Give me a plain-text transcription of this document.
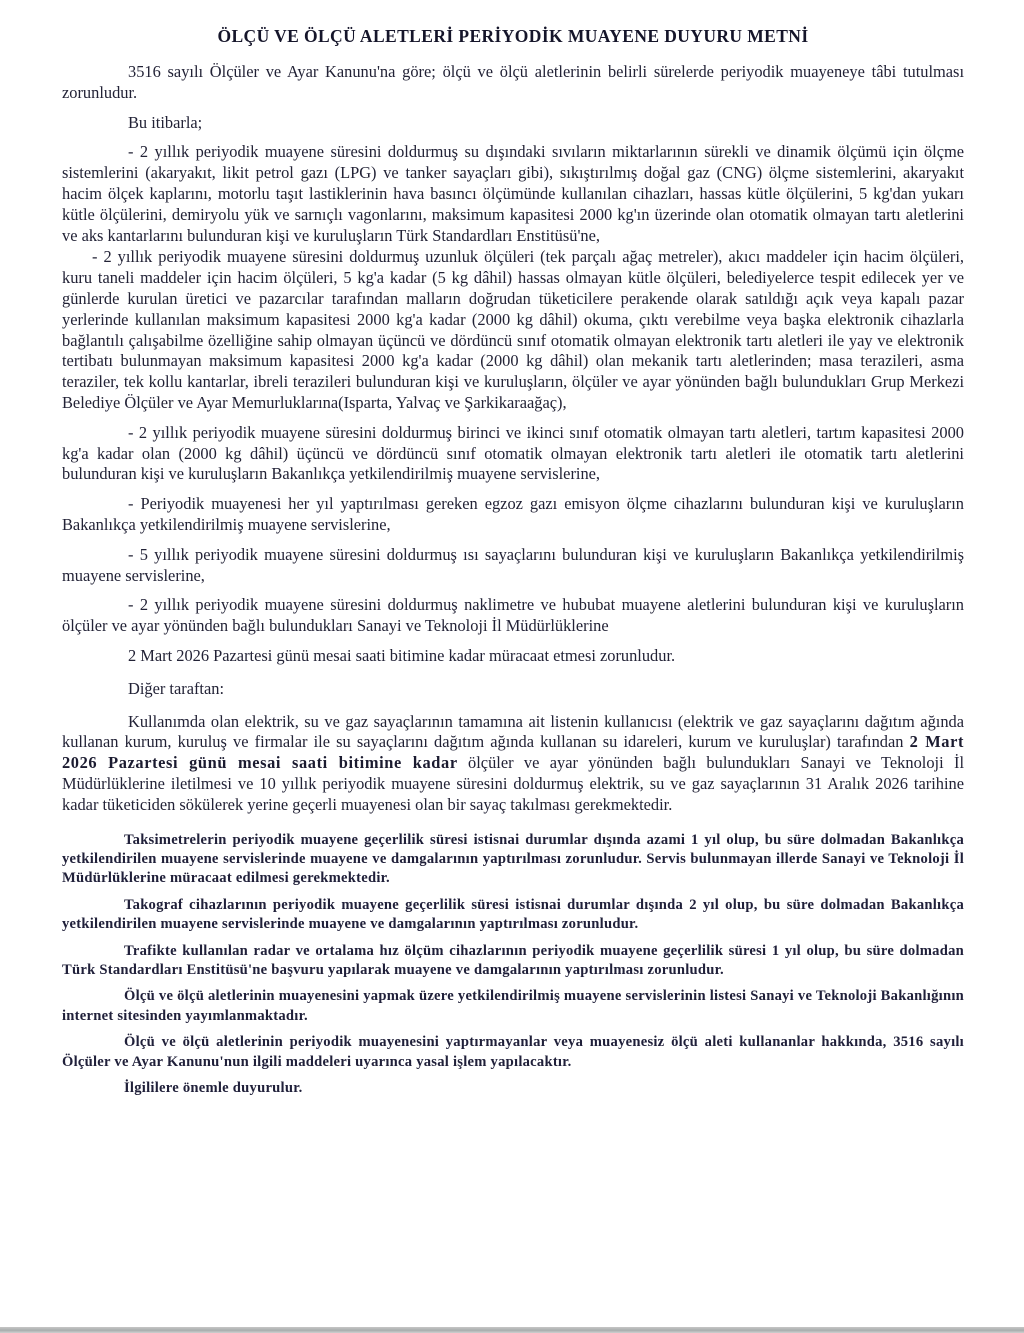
ÖLÇÜ VE ÖLÇÜ ALETLERİ PERİYODİK MUAYENE DUYURU METNİ

3516 sayılı Ölçüler ve Ayar Kanunu'na göre; ölçü ve ölçü aletlerinin belirli sürelerde periyodik muayeneye tâbi tutulması zorunludur.

Bu itibarla;

- 2 yıllık periyodik muayene süresini doldurmuş su dışındaki sıvıların miktarlarının sürekli ve dinamik ölçümü için ölçme sistemlerini (akaryakıt, likit petrol gazı (LPG) ve tanker sayaçları gibi), sıkıştırılmış doğal gaz (CNG) ölçme sistemlerini, akaryakıt hacim ölçek kaplarını, motorlu taşıt lastiklerinin hava basıncı ölçümünde kullanılan cihazları, hassas kütle ölçülerini, 5 kg'dan yukarı kütle ölçülerini, demiryolu yük ve sarnıçlı vagonlarını, maksimum kapasitesi 2000 kg'ın üzerinde olan otomatik olmayan tartı aletlerini ve aks kantarlarını bulunduran kişi ve kuruluşların Türk Standardları Enstitüsü'ne,

- 2 yıllık periyodik muayene süresini doldurmuş uzunluk ölçüleri (tek parçalı ağaç metreler), akıcı maddeler için hacim ölçüleri, kuru taneli maddeler için hacim ölçüleri, 5 kg'a kadar (5 kg dâhil) hassas olmayan kütle ölçüleri, belediyelerce tespit edilecek yer ve günlerde kurulan üretici ve pazarcılar tarafından malların doğrudan tüketicilere perakende olarak satıldığı açık veya kapalı pazar yerlerinde kullanılan maksimum kapasitesi 2000 kg'a kadar (2000 kg dâhil) okuma, çıktı verebilme veya başka elektronik cihazlarla bağlantılı çalışabilme özelliğine sahip olmayan üçüncü ve dördüncü sınıf otomatik olmayan elektronik tartı aletleri ile yay ve elektronik tertibatı bulunmayan maksimum kapasitesi 2000 kg'a kadar (2000 kg dâhil) olan mekanik tartı aletlerinden; masa terazileri, asma teraziler, tek kollu kantarlar, ibreli terazileri bulunduran kişi ve kuruluşların, ölçüler ve ayar yönünden bağlı bulundukları Grup Merkezi Belediye Ölçüler ve Ayar Memurluklarına(Isparta, Yalvaç ve Şarkikaraağaç),

- 2 yıllık periyodik muayene süresini doldurmuş birinci ve ikinci sınıf otomatik olmayan tartı aletleri, tartım kapasitesi 2000 kg'a kadar olan (2000 kg dâhil) üçüncü ve dördüncü sınıf otomatik olmayan elektronik tartı aletleri ile otomatik tartı aletlerini bulunduran kişi ve kuruluşların Bakanlıkça yetkilendirilmiş muayene servislerine,

- Periyodik muayenesi her yıl yaptırılması gereken egzoz gazı emisyon ölçme cihazlarını bulunduran kişi ve kuruluşların Bakanlıkça yetkilendirilmiş muayene servislerine,

- 5 yıllık periyodik muayene süresini doldurmuş ısı sayaçlarını bulunduran kişi ve kuruluşların Bakanlıkça yetkilendirilmiş muayene servislerine,

- 2 yıllık periyodik muayene süresini doldurmuş naklimetre ve hububat muayene aletlerini bulunduran kişi ve kuruluşların ölçüler ve ayar yönünden bağlı bulundukları Sanayi ve Teknoloji İl Müdürlüklerine

2 Mart 2026 Pazartesi günü mesai saati bitimine kadar müracaat etmesi zorunludur.

Diğer taraftan:

Kullanımda olan elektrik, su ve gaz sayaçlarının tamamına ait listenin kullanıcısı (elektrik ve gaz sayaçlarını dağıtım ağında kullanan kurum, kuruluş ve firmalar ile su sayaçlarını dağıtım ağında kullanan su idareleri, kurum ve kuruluşlar) tarafından 2 Mart 2026 Pazartesi günü mesai saati bitimine kadar ölçüler ve ayar yönünden bağlı bulundukları Sanayi ve Teknoloji İl Müdürlüklerine iletilmesi ve 10 yıllık periyodik muayene süresini doldurmuş elektrik, su ve gaz sayaçlarının 31 Aralık 2026 tarihine kadar tüketiciden sökülerek yerine geçerli muayenesi olan bir sayaç takılması gerekmektedir.

Taksimetrelerin periyodik muayene geçerlilik süresi istisnai durumlar dışında azami 1 yıl olup, bu süre dolmadan Bakanlıkça yetkilendirilen muayene servislerinde muayene ve damgalarının yaptırılması zorunludur. Servis bulunmayan illerde Sanayi ve Teknoloji İl Müdürlüklerine müracaat edilmesi gerekmektedir.

Takograf cihazlarının periyodik muayene geçerlilik süresi istisnai durumlar dışında 2 yıl olup, bu süre dolmadan Bakanlıkça yetkilendirilen muayene servislerinde muayene ve damgalarının yaptırılması zorunludur.

Trafikte kullanılan radar ve ortalama hız ölçüm cihazlarının periyodik muayene geçerlilik süresi 1 yıl olup, bu süre dolmadan Türk Standardları Enstitüsü'ne başvuru yapılarak muayene ve damgalarının yaptırılması zorunludur.

Ölçü ve ölçü aletlerinin muayenesini yapmak üzere yetkilendirilmiş muayene servislerinin listesi Sanayi ve Teknoloji Bakanlığının internet sitesinden yayımlanmaktadır.

Ölçü ve ölçü aletlerinin periyodik muayenesini yaptırmayanlar veya muayenesiz ölçü aleti kullananlar hakkında, 3516 sayılı Ölçüler ve Ayar Kanunu'nun ilgili maddeleri uyarınca yasal işlem yapılacaktır.

İlgililere önemle duyurulur.
